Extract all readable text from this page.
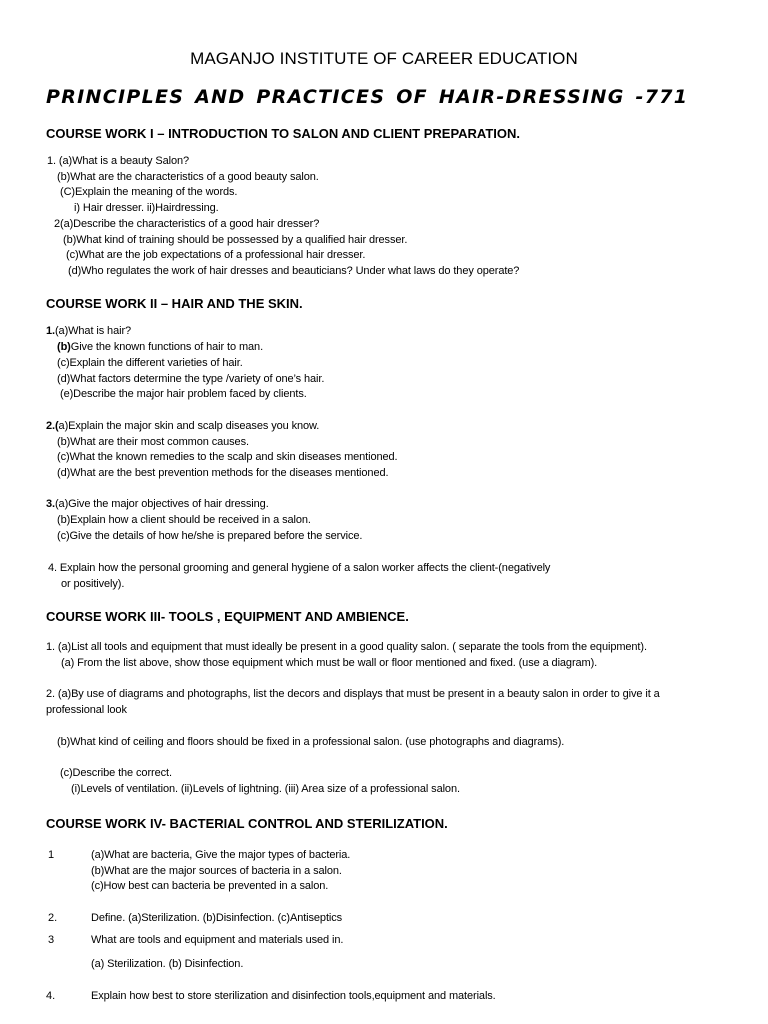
MAGANJO INSTITUTE OF CAREER EDUCATION
PRINCIPLES AND PRACTICES OF HAIR-DRESSING -771
COURSE WORK I – INTRODUCTION TO SALON AND CLIENT PREPARATION.
1. (a)What is a beauty Salon?
(b)What are the characteristics of a good beauty salon.
(C)Explain the meaning of the words.
i) Hair dresser. ii)Hairdressing.
2(a)Describe the characteristics of a good hair dresser?
(b)What kind of training should be possessed by a qualified hair dresser.
(c)What are the job expectations of a professional hair dresser.
(d)Who regulates the work of hair dresses and beauticians? Under what laws do they operate?
COURSE WORK II – HAIR AND THE SKIN.
1.(a)What is hair?
(b)Give the known functions of hair to man.
(c)Explain the different varieties of hair.
(d)What factors determine the type /variety of one’s hair.
(e)Describe the major hair problem faced by clients.
2.(a)Explain the major skin and scalp diseases you know.
(b)What are their most common causes.
(c)What the known remedies to the scalp and skin diseases mentioned.
(d)What are the best prevention methods for the diseases mentioned.
3.(a)Give the major objectives of hair dressing.
(b)Explain how a client should be received in a salon.
(c)Give the details of how he/she is prepared before the service.
4. Explain how the personal grooming and general hygiene of a salon worker affects the client-(negatively
or positively).
COURSE WORK III- TOOLS , EQUIPMENT AND AMBIENCE.
1. (a)List all tools and equipment that must ideally be present in a good quality salon. ( separate the tools from the equipment).
(a) From the list above, show those equipment which must be wall or floor mentioned and fixed. (use a diagram).
2. (a)By use of diagrams and photographs, list the decors and displays that must be present in a beauty salon in order to give it a
professional look
(b)What kind of ceiling and floors should be fixed in a professional salon. (use photographs and diagrams).
(c)Describe the correct.
(i)Levels of ventilation. (ii)Levels of lightning. (iii) Area size of a professional salon.
COURSE WORK IV- BACTERIAL CONTROL AND STERILIZATION.
1	(a)What are bacteria, Give the major types of bacteria.
(b)What are the major sources of bacteria in a salon.
(c)How best can bacteria be prevented in a salon.
2.	Define. (a)Sterilization. (b)Disinfection. (c)Antiseptics
3	What are tools and equipment and materials used in.
(a) Sterilization. (b) Disinfection.
4.	Explain how best to store sterilization and disinfection tools,equipment and materials.
